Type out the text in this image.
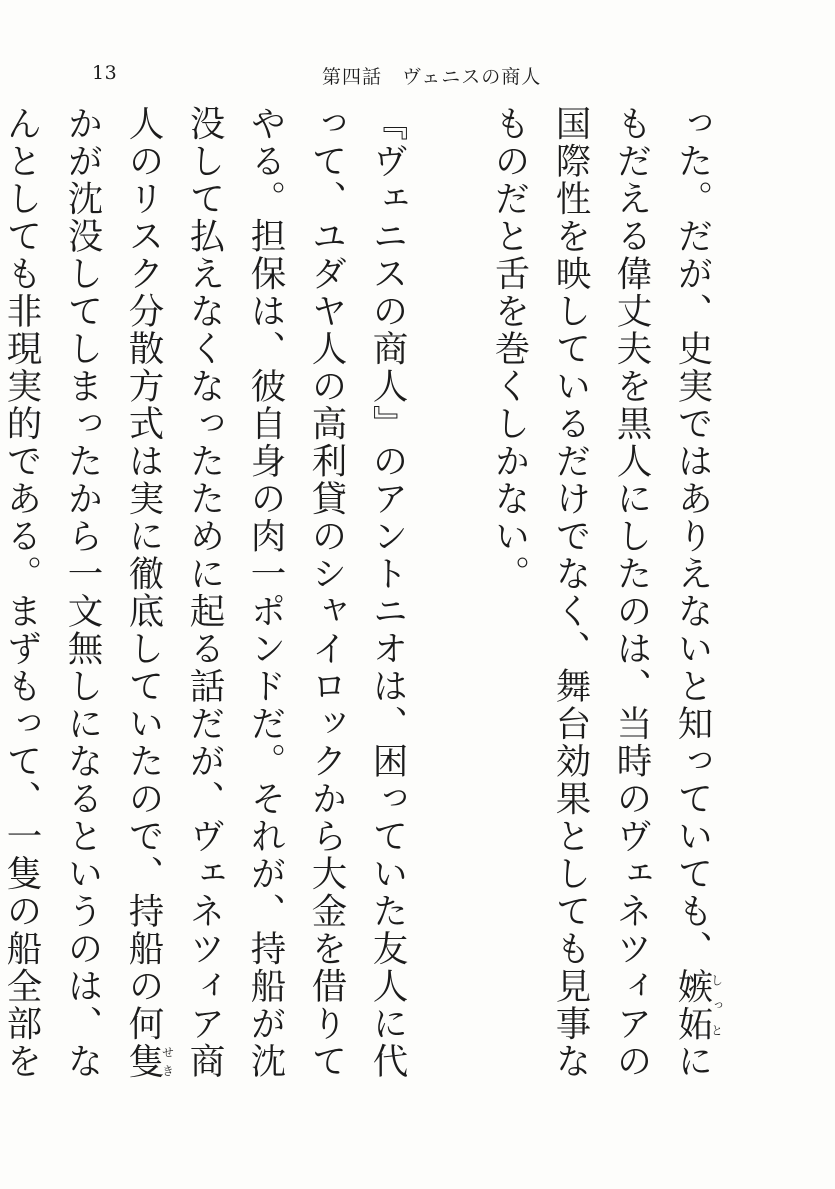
13	第四話　ヴェニスの商人

った。だが、史実ではありえないと知っていても、嫉妬しっとにもだえる偉丈夫を黒人にしたのは、当時のヴェネツィアの国際性を映しているだけでなく、舞台効果としても見事なものだと舌を巻くしかない。

『ヴェニスの商人』のアントニオは、困っていた友人に代って、ユダヤ人の高利貸のシャイロックから大金を借りてやる。担保は、彼自身の肉一ポンドだ。それが、持船が沈没して払えなくなったために起る話だが、ヴェネツィア商人のリスク分散方式は実に徹底していたので、持船の何隻せきかが沈没してしまったから一文無しになるというのは、なんとしても非現実的である。まずもって、一隻の船全部を
